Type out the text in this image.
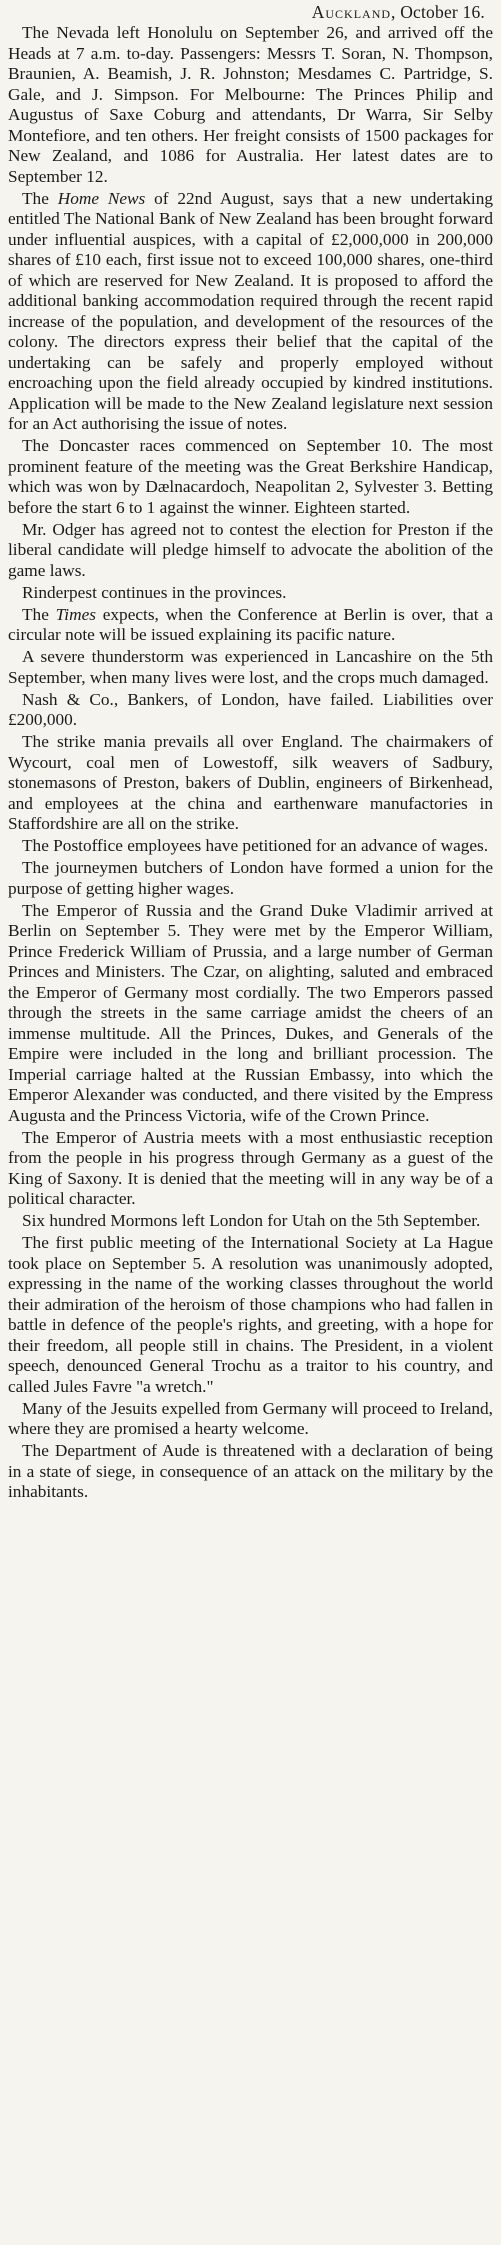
Auckland, October 16.

The Nevada left Honolulu on September 26, and arrived off the Heads at 7 a.m. to-day. Passengers: Messrs T. Soran, N. Thompson, Braunien, A. Beamish, J. R. Johnston; Mesdames C. Partridge, S. Gale, and J. Simpson. For Melbourne: The Princes Philip and Augustus of Saxe Coburg and attendants, Dr Warra, Sir Selby Montefiore, and ten others. Her freight consists of 1500 packages for New Zealand, and 1086 for Australia. Her latest dates are to September 12.

The Home News of 22nd August, says that a new undertaking entitled The National Bank of New Zealand has been brought forward under influential auspices, with a capital of £2,000,000 in 200,000 shares of £10 each, first issue not to exceed 100,000 shares, one-third of which are reserved for New Zealand. It is proposed to afford the additional banking accommodation required through the recent rapid increase of the population, and development of the resources of the colony. The directors express their belief that the capital of the undertaking can be safely and properly employed without encroaching upon the field already occupied by kindred institutions. Application will be made to the New Zealand legislature next session for an Act authorising the issue of notes.

The Doncaster races commenced on September 10. The most prominent feature of the meeting was the Great Berkshire Handicap, which was won by Dælnacardoch, Neapolitan 2, Sylvester 3. Betting before the start 6 to 1 against the winner. Eighteen started.

Mr. Odger has agreed not to contest the election for Preston if the liberal candidate will pledge himself to advocate the abolition of the game laws.

Rinderpest continues in the provinces.

The Times expects, when the Conference at Berlin is over, that a circular note will be issued explaining its pacific nature.

A severe thunderstorm was experienced in Lancashire on the 5th September, when many lives were lost, and the crops much damaged.

Nash & Co., Bankers, of London, have failed. Liabilities over £200,000.

The strike mania prevails all over England. The chairmakers of Wycourt, coal men of Lowestoff, silk weavers of Sadbury, stonemasons of Preston, bakers of Dublin, engineers of Birkenhead, and employees at the china and earthenware manufactories in Staffordshire are all on the strike.

The Postoffice employees have petitioned for an advance of wages.

The journeymen butchers of London have formed a union for the purpose of getting higher wages.

The Emperor of Russia and the Grand Duke Vladimir arrived at Berlin on September 5. They were met by the Emperor William, Prince Frederick William of Prussia, and a large number of German Princes and Ministers. The Czar, on alighting, saluted and embraced the Emperor of Germany most cordially. The two Emperors passed through the streets in the same carriage amidst the cheers of an immense multitude. All the Princes, Dukes, and Generals of the Empire were included in the long and brilliant procession. The Imperial carriage halted at the Russian Embassy, into which the Emperor Alexander was conducted, and there visited by the Empress Augusta and the Princess Victoria, wife of the Crown Prince.

The Emperor of Austria meets with a most enthusiastic reception from the people in his progress through Germany as a guest of the King of Saxony. It is denied that the meeting will in any way be of a political character.

Six hundred Mormons left London for Utah on the 5th September.

The first public meeting of the International Society at La Hague took place on September 5. A resolution was unanimously adopted, expressing in the name of the working classes throughout the world their admiration of the heroism of those champions who had fallen in battle in defence of the people's rights, and greeting, with a hope for their freedom, all people still in chains. The President, in a violent speech, denounced General Trochu as a traitor to his country, and called Jules Favre "a wretch."

Many of the Jesuits expelled from Germany will proceed to Ireland, where they are promised a hearty welcome.

The Department of Aude is threatened with a declaration of being in a state of siege, in consequence of an attack on the military by the inhabitants.
